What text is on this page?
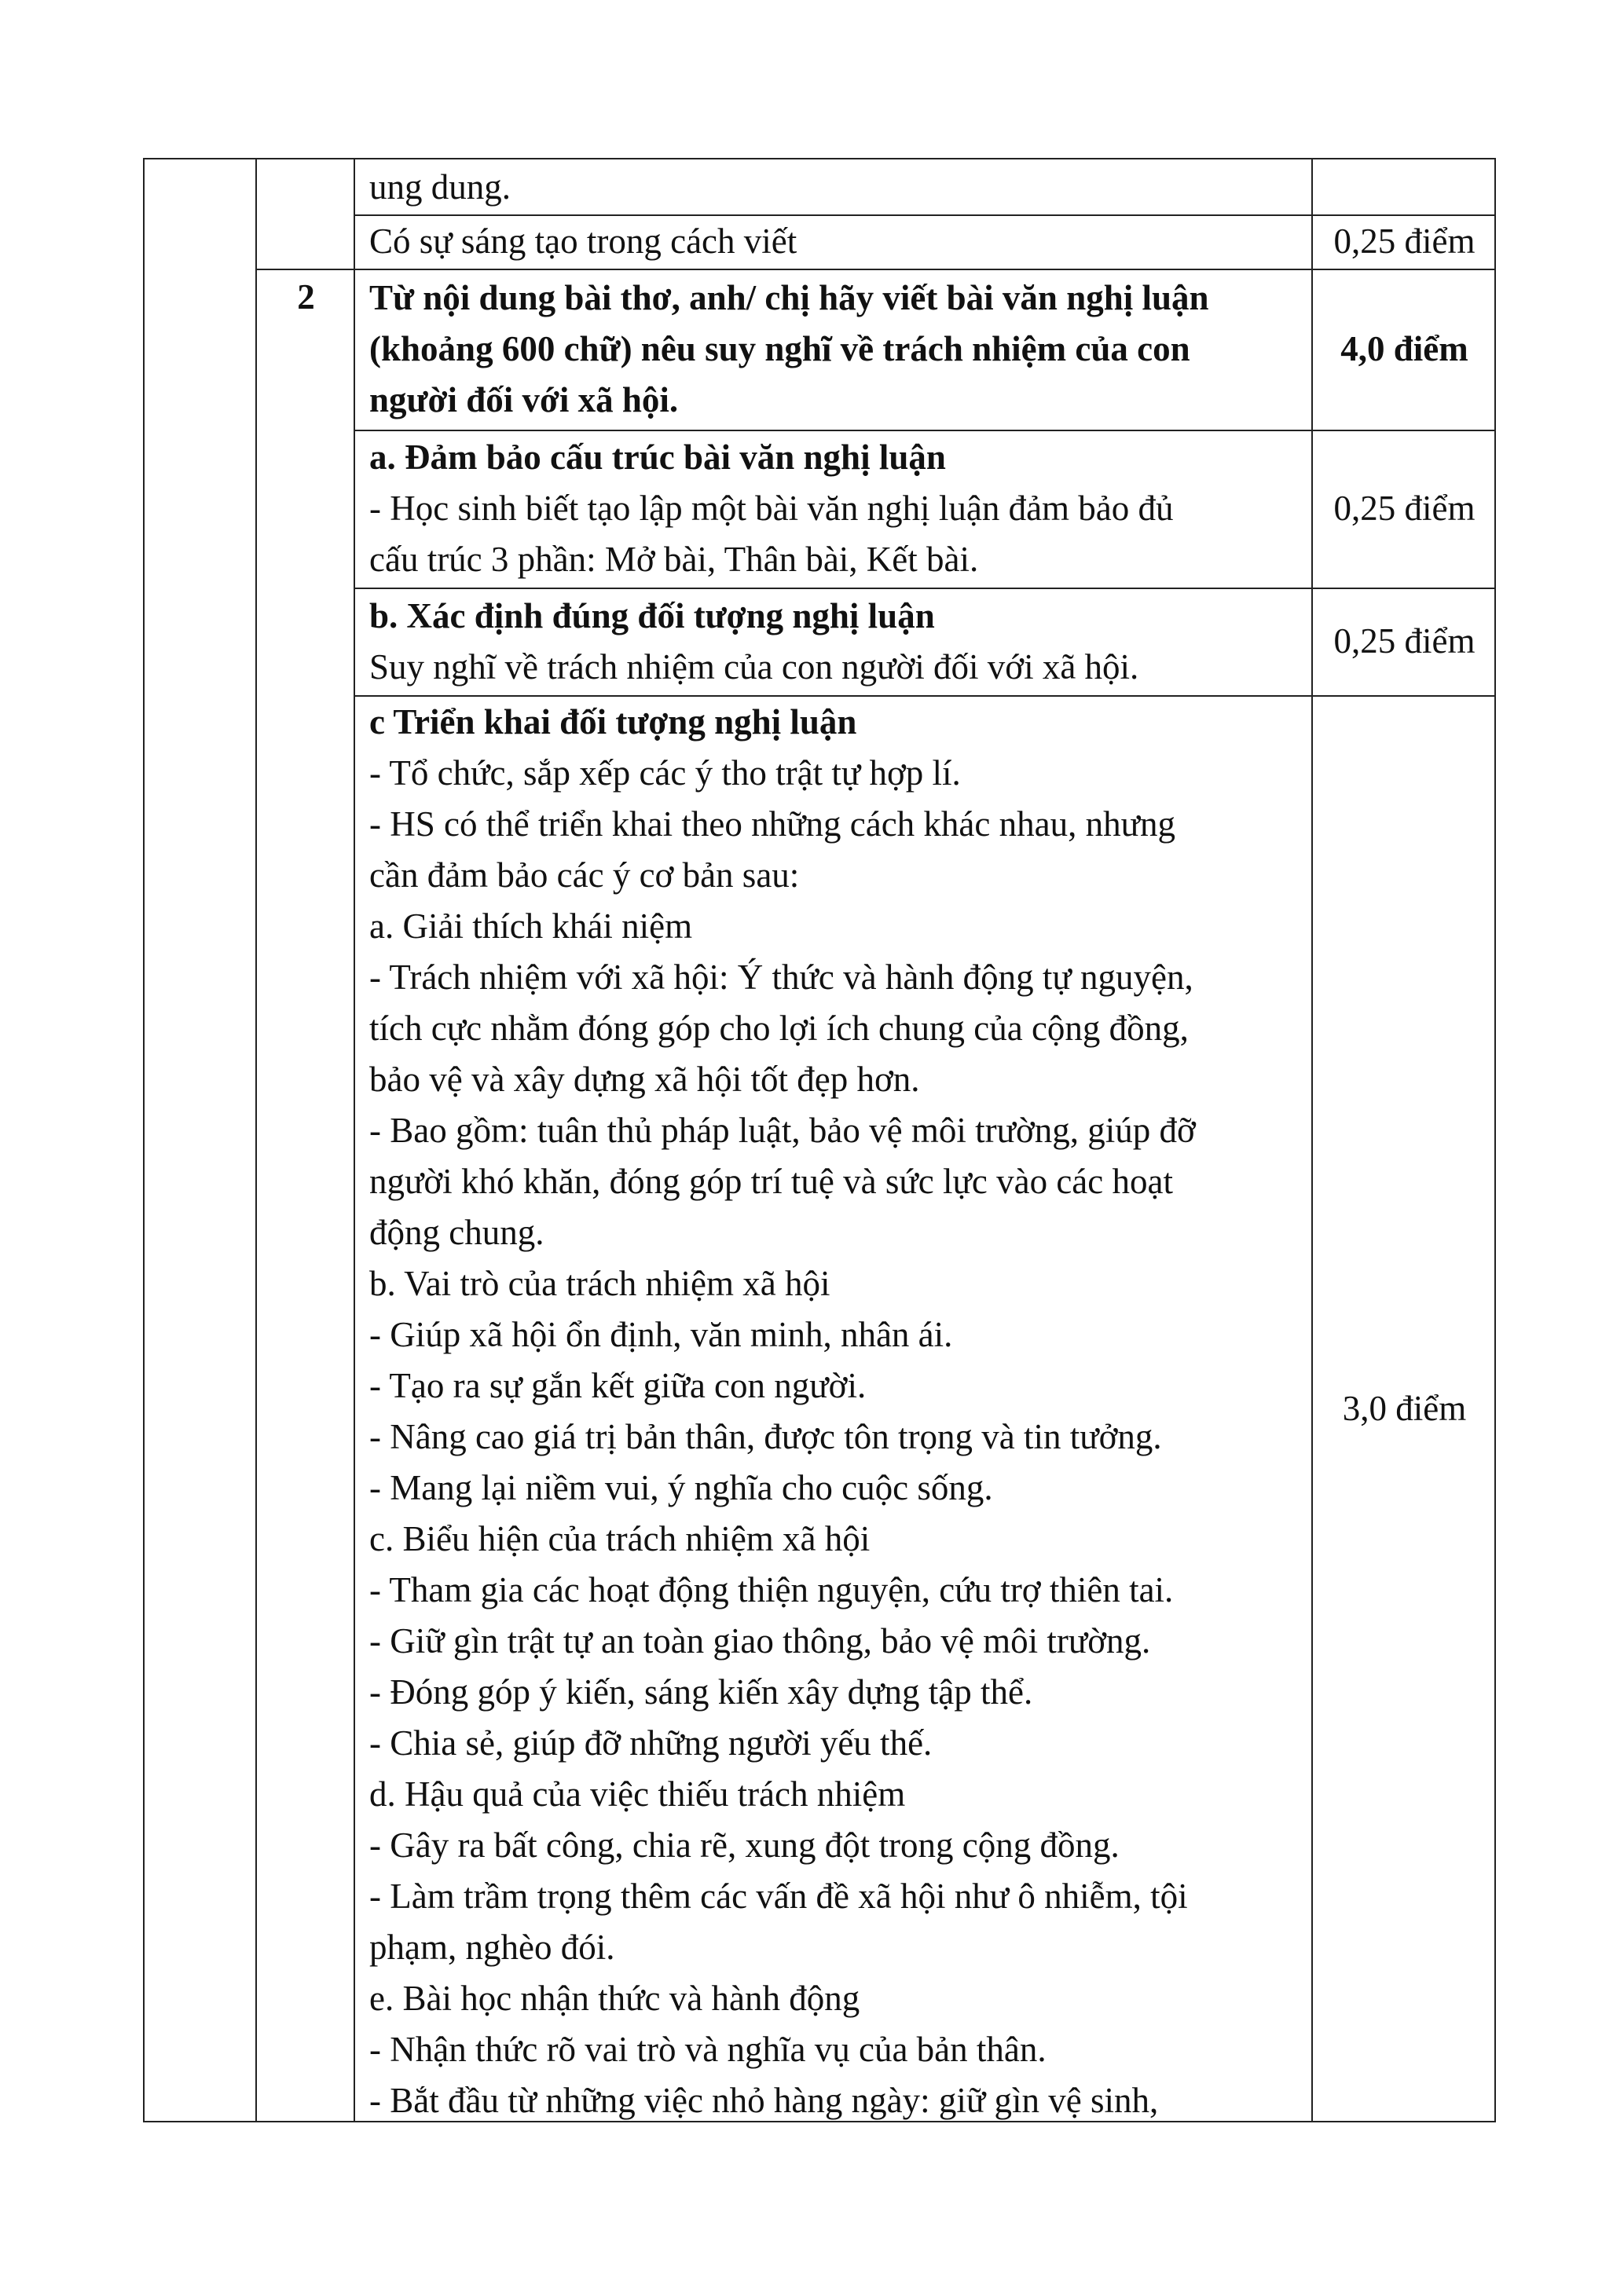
ung dung.
Có sự sáng tạo trong cách viết	0,25 điểm
2	Từ nội dung bài thơ, anh/ chị hãy viết bài văn nghị luận
(khoảng 600 chữ) nêu suy nghĩ về trách nhiệm của con
người đối với xã hội.
4,0 điểm
a. Đảm bảo cấu trúc bài văn nghị luận
- Học sinh biết tạo lập một bài văn nghị luận đảm bảo đủ
cấu trúc 3 phần: Mở bài, Thân bài, Kết bài.
0,25 điểm
b. Xác định đúng đối tượng nghị luận
Suy nghĩ về trách nhiệm của con người đối với xã hội.
0,25 điểm
c Triển khai đối tượng nghị luận
- Tổ chức, sắp xếp các ý tho trật tự hợp lí.
- HS có thể triển khai theo những cách khác nhau, nhưng
cần đảm bảo các ý cơ bản sau:
a. Giải thích khái niệm
- Trách nhiệm với xã hội: Ý thức và hành động tự nguyện,
tích cực nhằm đóng góp cho lợi ích chung của cộng đồng,
bảo vệ và xây dựng xã hội tốt đẹp hơn.
- Bao gồm: tuân thủ pháp luật, bảo vệ môi trường, giúp đỡ
người khó khăn, đóng góp trí tuệ và sức lực vào các hoạt
động chung.
b. Vai trò của trách nhiệm xã hội
- Giúp xã hội ổn định, văn minh, nhân ái.
- Tạo ra sự gắn kết giữa con người.
- Nâng cao giá trị bản thân, được tôn trọng và tin tưởng.
- Mang lại niềm vui, ý nghĩa cho cuộc sống.
c. Biểu hiện của trách nhiệm xã hội
- Tham gia các hoạt động thiện nguyện, cứu trợ thiên tai.
- Giữ gìn trật tự an toàn giao thông, bảo vệ môi trường.
- Đóng góp ý kiến, sáng kiến xây dựng tập thể.
- Chia sẻ, giúp đỡ những người yếu thế.
d. Hậu quả của việc thiếu trách nhiệm
- Gây ra bất công, chia rẽ, xung đột trong cộng đồng.
- Làm trầm trọng thêm các vấn đề xã hội như ô nhiễm, tội
phạm, nghèo đói.
e. Bài học nhận thức và hành động
- Nhận thức rõ vai trò và nghĩa vụ của bản thân.
- Bắt đầu từ những việc nhỏ hàng ngày: giữ gìn vệ sinh,
3,0 điểm
